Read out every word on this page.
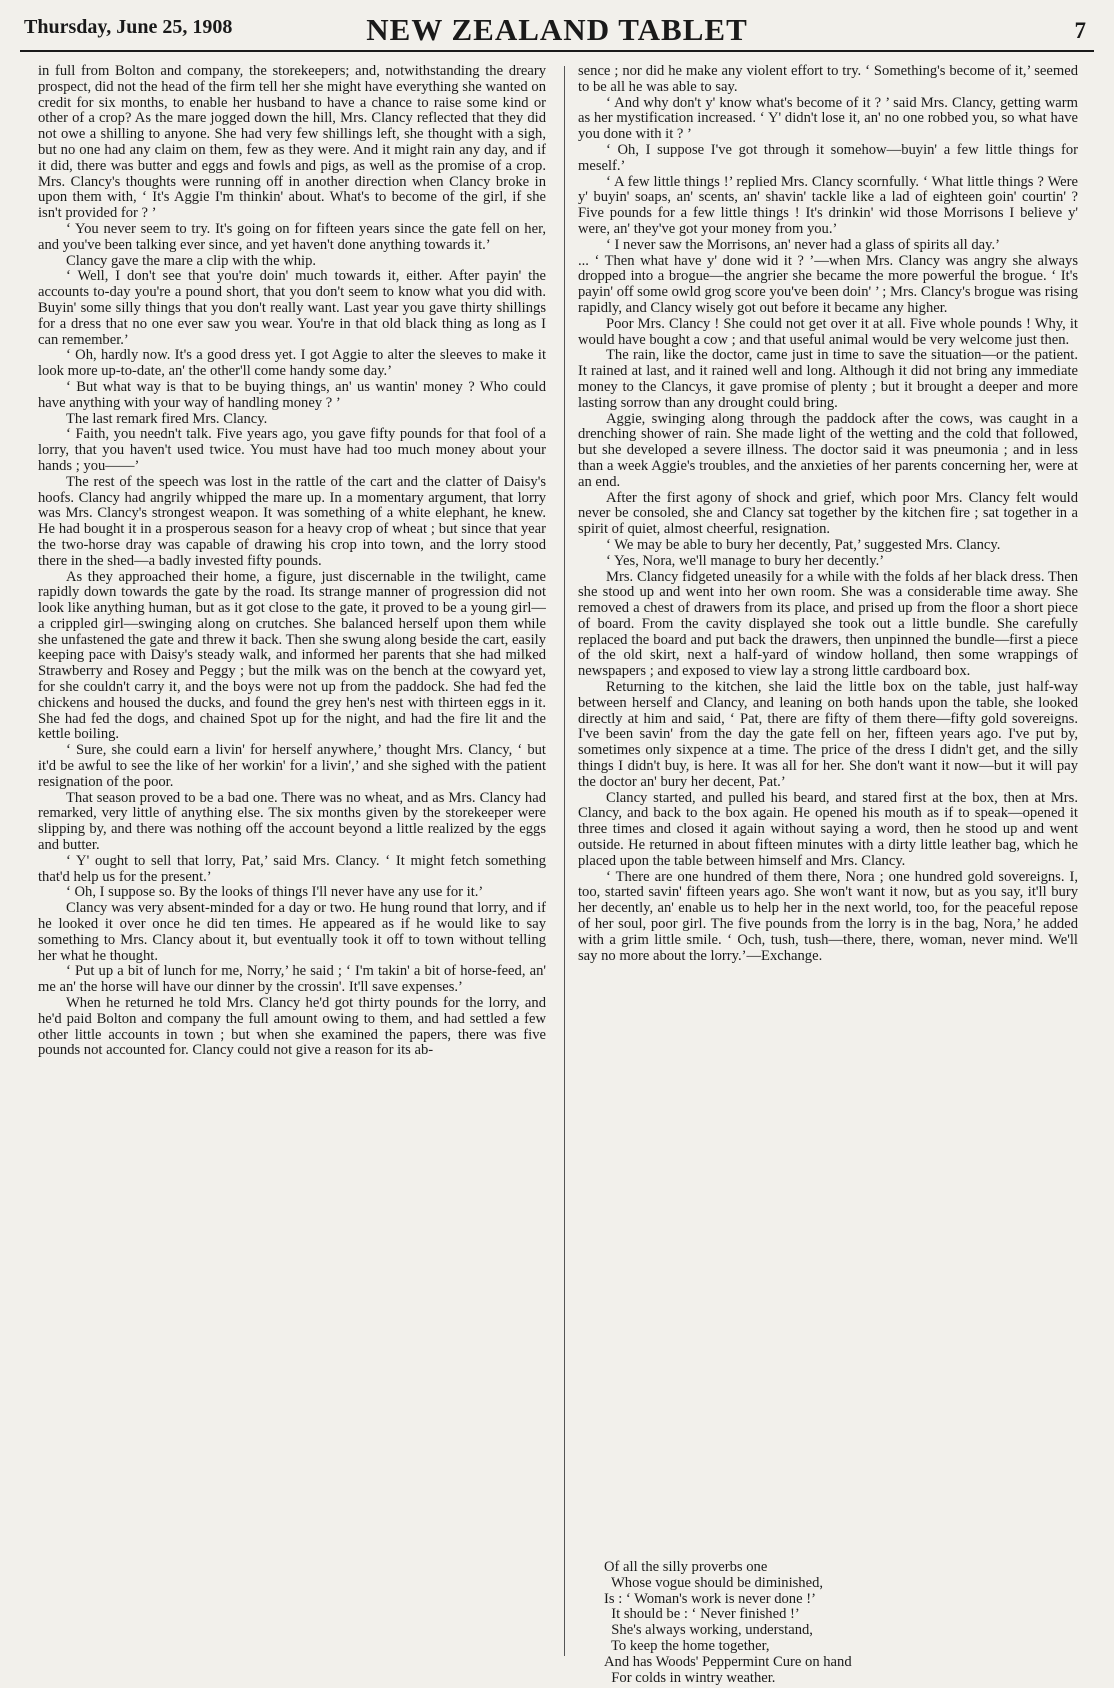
Thursday, June 25, 1908	NEW ZEALAND TABLET	7

in full from Bolton and company, the storekeepers; and, notwithstanding the dreary prospect, did not the head of the firm tell her she might have everything she wanted on credit for six months, to enable her husband to have a chance to raise some kind or other of a crop? As the mare jogged down the hill, Mrs. Clancy reflected that they did not owe a shilling to anyone. She had very few shillings left, she thought with a sigh, but no one had any claim on them, few as they were. And it might rain any day, and if it did, there was butter and eggs and fowls and pigs, as well as the promise of a crop. Mrs. Clancy's thoughts were running off in another direction when Clancy broke in upon them with, ‘ It's Aggie I'm thinkin' about. What's to become of the girl, if she isn't provided for ? ’

‘ You never seem to try. It's going on for fifteen years since the gate fell on her, and you've been talking ever since, and yet haven't done anything towards it.’

Clancy gave the mare a clip with the whip.

‘ Well, I don't see that you're doin' much towards it, either. After payin' the accounts to-day you're a pound short, that you don't seem to know what you did with. Buyin' some silly things that you don't really want. Last year you gave thirty shillings for a dress that no one ever saw you wear. You're in that old black thing as long as I can remember.’

‘ Oh, hardly now. It's a good dress yet. I got Aggie to alter the sleeves to make it look more up-to-date, an' the other'll come handy some day.’

‘ But what way is that to be buying things, an' us wantin' money ? Who could have anything with your way of handling money ? ’

The last remark fired Mrs. Clancy.

‘ Faith, you needn't talk. Five years ago, you gave fifty pounds for that fool of a lorry, that you haven't used twice. You must have had too much money about your hands ; you——’

The rest of the speech was lost in the rattle of the cart and the clatter of Daisy's hoofs. Clancy had angrily whipped the mare up. In a momentary argument, that lorry was Mrs. Clancy's strongest weapon. It was something of a white elephant, he knew. He had bought it in a prosperous season for a heavy crop of wheat ; but since that year the two-horse dray was capable of drawing his crop into town, and the lorry stood there in the shed—a badly invested fifty pounds.

As they approached their home, a figure, just discernable in the twilight, came rapidly down towards the gate by the road. Its strange manner of progression did not look like anything human, but as it got close to the gate, it proved to be a young girl—a crippled girl—swinging along on crutches. She balanced herself upon them while she unfastened the gate and threw it back. Then she swung along beside the cart, easily keeping pace with Daisy's steady walk, and informed her parents that she had milked Strawberry and Rosey and Peggy ; but the milk was on the bench at the cowyard yet, for she couldn't carry it, and the boys were not up from the paddock. She had fed the chickens and housed the ducks, and found the grey hen's nest with thirteen eggs in it. She had fed the dogs, and chained Spot up for the night, and had the fire lit and the kettle boiling.

‘ Sure, she could earn a livin' for herself anywhere,’ thought Mrs. Clancy, ‘ but it'd be awful to see the like of her workin' for a livin',’ and she sighed with the patient resignation of the poor.

That season proved to be a bad one. There was no wheat, and as Mrs. Clancy had remarked, very little of anything else. The six months given by the storekeeper were slipping by, and there was nothing off the account beyond a little realized by the eggs and butter.

‘ Y' ought to sell that lorry, Pat,’ said Mrs. Clancy. ‘ It might fetch something that'd help us for the present.’

‘ Oh, I suppose so. By the looks of things I'll never have any use for it.’

Clancy was very absent-minded for a day or two. He hung round that lorry, and if he looked it over once he did ten times. He appeared as if he would like to say something to Mrs. Clancy about it, but eventually took it off to town without telling her what he thought.

‘ Put up a bit of lunch for me, Norry,’ he said ; ‘ I'm takin' a bit of horse-feed, an' me an' the horse will have our dinner by the crossin'. It'll save expenses.’

When he returned he told Mrs. Clancy he'd got thirty pounds for the lorry, and he'd paid Bolton and company the full amount owing to them, and had settled a few other little accounts in town ; but when she examined the papers, there was five pounds not accounted for. Clancy could not give a reason for its ab-

sence ; nor did he make any violent effort to try. ‘ Something's become of it,’ seemed to be all he was able to say.

‘ And why don't y' know what's become of it ? ’ said Mrs. Clancy, getting warm as her mystification increased. ‘ Y' didn't lose it, an' no one robbed you, so what have you done with it ? ’

‘ Oh, I suppose I've got through it somehow—buyin' a few little things for meself.’

‘ A few little things !’ replied Mrs. Clancy scornfully. ‘ What little things ? Were y' buyin' soaps, an' scents, an' shavin' tackle like a lad of eighteen goin' courtin' ? Five pounds for a few little things ! It's drinkin' wid those Morrisons I believe y' were, an' they've got your money from you.’

‘ I never saw the Morrisons, an' never had a glass of spirits all day.’

... ‘ Then what have y' done wid it ? ’—when Mrs. Clancy was angry she always dropped into a brogue—the angrier she became the more powerful the brogue. ‘ It's payin' off some owld grog score you've been doin' ’ ; Mrs. Clancy's brogue was rising rapidly, and Clancy wisely got out before it became any higher.

Poor Mrs. Clancy ! She could not get over it at all. Five whole pounds ! Why, it would have bought a cow ; and that useful animal would be very welcome just then.

The rain, like the doctor, came just in time to save the situation—or the patient. It rained at last, and it rained well and long. Although it did not bring any immediate money to the Clancys, it gave promise of plenty ; but it brought a deeper and more lasting sorrow than any drought could bring.

Aggie, swinging along through the paddock after the cows, was caught in a drenching shower of rain. She made light of the wetting and the cold that followed, but she developed a severe illness. The doctor said it was pneumonia ; and in less than a week Aggie's troubles, and the anxieties of her parents concerning her, were at an end.

After the first agony of shock and grief, which poor Mrs. Clancy felt would never be consoled, she and Clancy sat together by the kitchen fire ; sat together in a spirit of quiet, almost cheerful, resignation.

‘ We may be able to bury her decently, Pat,’ suggested Mrs. Clancy.

‘ Yes, Nora, we'll manage to bury her decently.’

Mrs. Clancy fidgeted uneasily for a while with the folds af her black dress. Then she stood up and went into her own room. She was a considerable time away. She removed a chest of drawers from its place, and prised up from the floor a short piece of board. From the cavity displayed she took out a little bundle. She carefully replaced the board and put back the drawers, then unpinned the bundle—first a piece of the old skirt, next a half-yard of window holland, then some wrappings of newspapers ; and exposed to view lay a strong little cardboard box.

Returning to the kitchen, she laid the little box on the table, just half-way between herself and Clancy, and leaning on both hands upon the table, she looked directly at him and said, ‘ Pat, there are fifty of them there—fifty gold sovereigns. I've been savin' from the day the gate fell on her, fifteen years ago. I've put by, sometimes only sixpence at a time. The price of the dress I didn't get, and the silly things I didn't buy, is here. It was all for her. She don't want it now—but it will pay the doctor an' bury her decent, Pat.’

Clancy started, and pulled his beard, and stared first at the box, then at Mrs. Clancy, and back to the box again. He opened his mouth as if to speak—opened it three times and closed it again without saying a word, then he stood up and went outside. He returned in about fifteen minutes with a dirty little leather bag, which he placed upon the table between himself and Mrs. Clancy.

‘ There are one hundred of them there, Nora ; one hundred gold sovereigns. I, too, started savin' fifteen years ago. She won't want it now, but as you say, it'll bury her decently, an' enable us to help her in the next world, too, for the peaceful repose of her soul, poor girl. The five pounds from the lorry is in the bag, Nora,’ he added with a grim little smile. ‘ Och, tush, tush—there, there, woman, never mind. We'll say no more about the lorry.’—Exchange.

Of all the silly proverbs one
Whose vogue should be diminished,
Is : ‘ Woman's work is never done !’
It should be : ‘ Never finished !’
She's always working, understand,
To keep the home together,
And has Woods' Peppermint Cure on hand
For colds in wintry weather.
